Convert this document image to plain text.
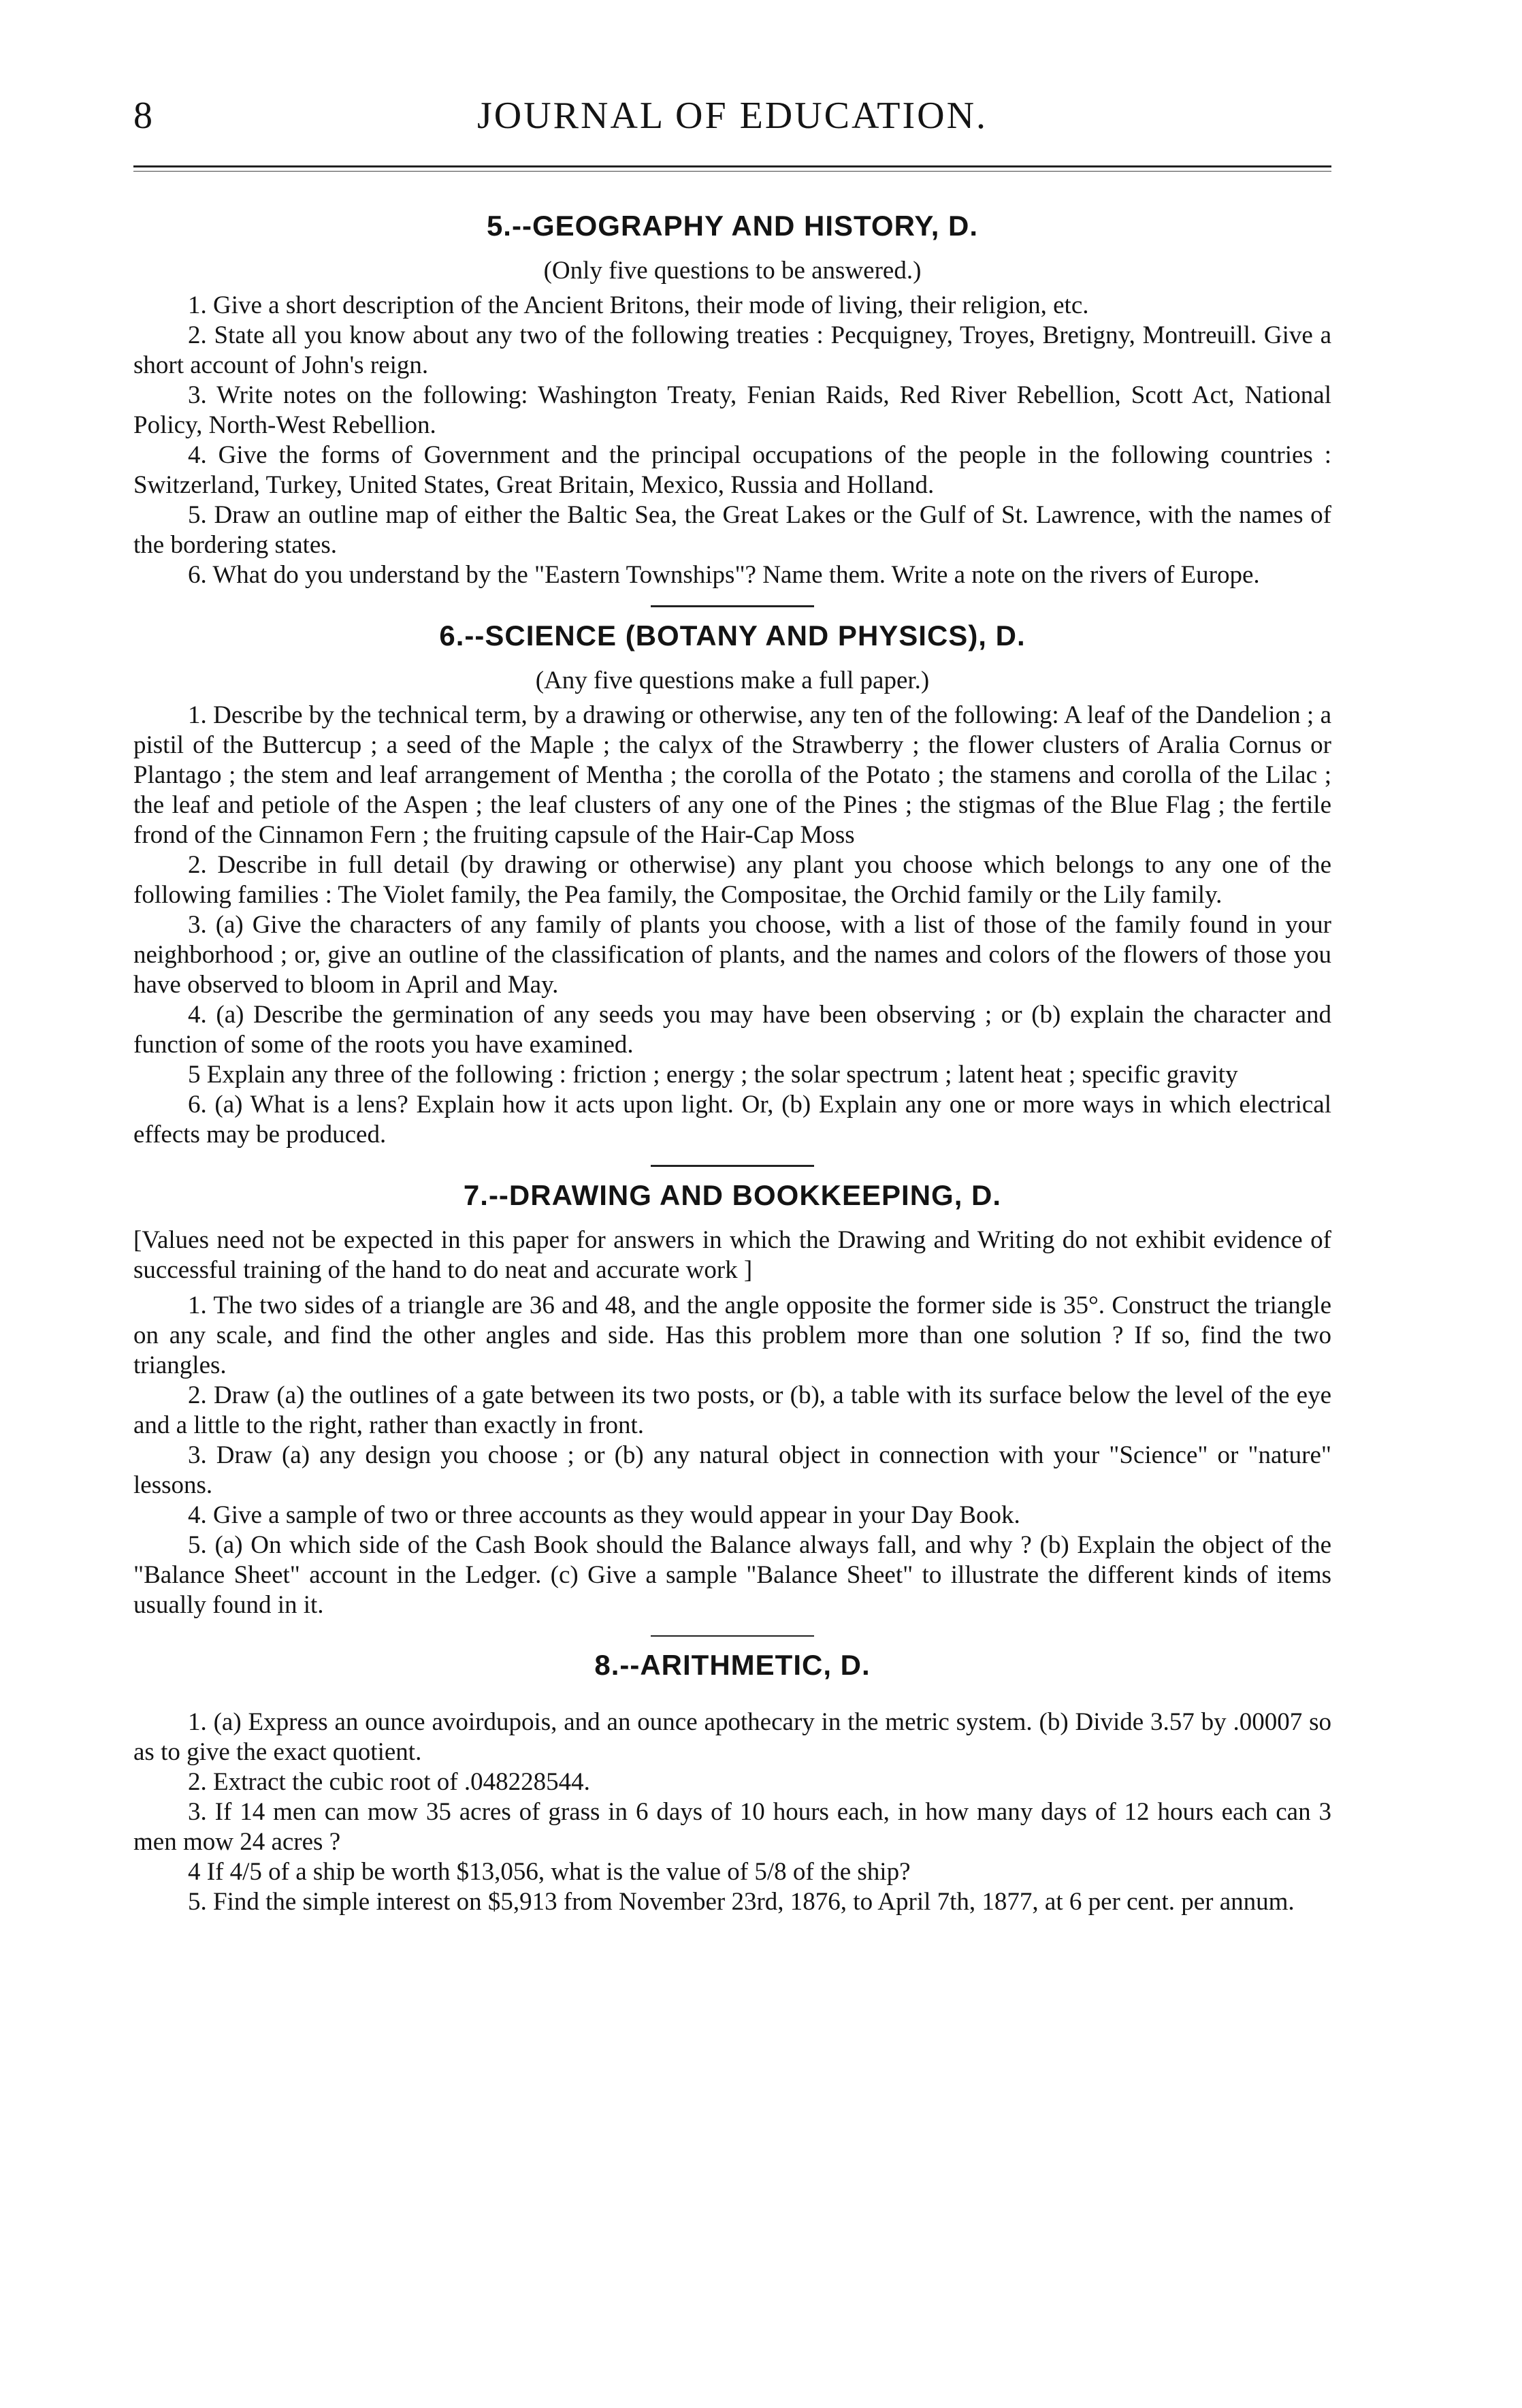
8	JOURNAL OF EDUCATION.
5.--GEOGRAPHY AND HISTORY, D.
(Only five questions to be answered.)

1. Give a short description of the Ancient Britons, their mode of living, their religion, etc.

2. State all you know about any two of the following treaties : Pecquigney, Troyes, Bretigny, Montreuill. Give a short account of John's reign.

3. Write notes on the following: Washington Treaty, Fenian Raids, Red River Rebellion, Scott Act, National Policy, North-West Rebellion.

4. Give the forms of Government and the principal occupations of the people in the following countries : Switzerland, Turkey, United States, Great Britain, Mexico, Russia and Holland.

5. Draw an outline map of either the Baltic Sea, the Great Lakes or the Gulf of St. Lawrence, with the names of the bordering states.

6. What do you understand by the "Eastern Townships"? Name them. Write a note on the rivers of Europe.

6.--SCIENCE (BOTANY AND PHYSICS), D.
(Any five questions make a full paper.)

1. Describe by the technical term, by a drawing or otherwise, any ten of the following: A leaf of the Dandelion ; a pistil of the Buttercup ; a seed of the Maple ; the calyx of the Strawberry ; the flower clusters of Aralia Cornus or Plantago ; the stem and leaf arrangement of Mentha ; the corolla of the Potato ; the stamens and corolla of the Lilac ; the leaf and petiole of the Aspen ; the leaf clusters of any one of the Pines ; the stigmas of the Blue Flag ; the fertile frond of the Cinnamon Fern ; the fruiting capsule of the Hair-Cap Moss

2. Describe in full detail (by drawing or otherwise) any plant you choose which belongs to any one of the following families : The Violet family, the Pea family, the Compositae, the Orchid family or the Lily family.

3. (a) Give the characters of any family of plants you choose, with a list of those of the family found in your neighborhood ; or, give an outline of the classification of plants, and the names and colors of the flowers of those you have observed to bloom in April and May.

4. (a) Describe the germination of any seeds you may have been observing ; or (b) explain the character and function of some of the roots you have examined.

5 Explain any three of the following : friction ; energy ; the solar spectrum ; latent heat ; specific gravity

6. (a) What is a lens? Explain how it acts upon light. Or, (b) Explain any one or more ways in which electrical effects may be produced.

7.--DRAWING AND BOOKKEEPING, D.

[Values need not be expected in this paper for answers in which the Drawing and Writing do not exhibit evidence of successful training of the hand to do neat and accurate work ]

1. The two sides of a triangle are 36 and 48, and the angle opposite the former side is 35°. Construct the triangle on any scale, and find the other angles and side. Has this problem more than one solution ? If so, find the two triangles.

2. Draw (a) the outlines of a gate between its two posts, or (b), a table with its surface below the level of the eye and a little to the right, rather than exactly in front.

3. Draw (a) any design you choose ; or (b) any natural object in connection with your "Science" or "nature" lessons.

4. Give a sample of two or three accounts as they would appear in your Day Book.

5. (a) On which side of the Cash Book should the Balance always fall, and why ? (b) Explain the object of the "Balance Sheet" account in the Ledger. (c) Give a sample "Balance Sheet" to illustrate the different kinds of items usually found in it.

8.--ARITHMETIC, D.

1. (a) Express an ounce avoirdupois, and an ounce apothecary in the metric system. (b) Divide 3.57 by .00007 so as to give the exact quotient.

2. Extract the cubic root of .048228544.

3. If 14 men can mow 35 acres of grass in 6 days of 10 hours each, in how many days of 12 hours each can 3 men mow 24 acres ?

4 If 4/5 of a ship be worth $13,056, what is the value of 5/8 of the ship?

5. Find the simple interest on $5,913 from November 23rd, 1876, to April 7th, 1877, at 6 per cent. per annum.
